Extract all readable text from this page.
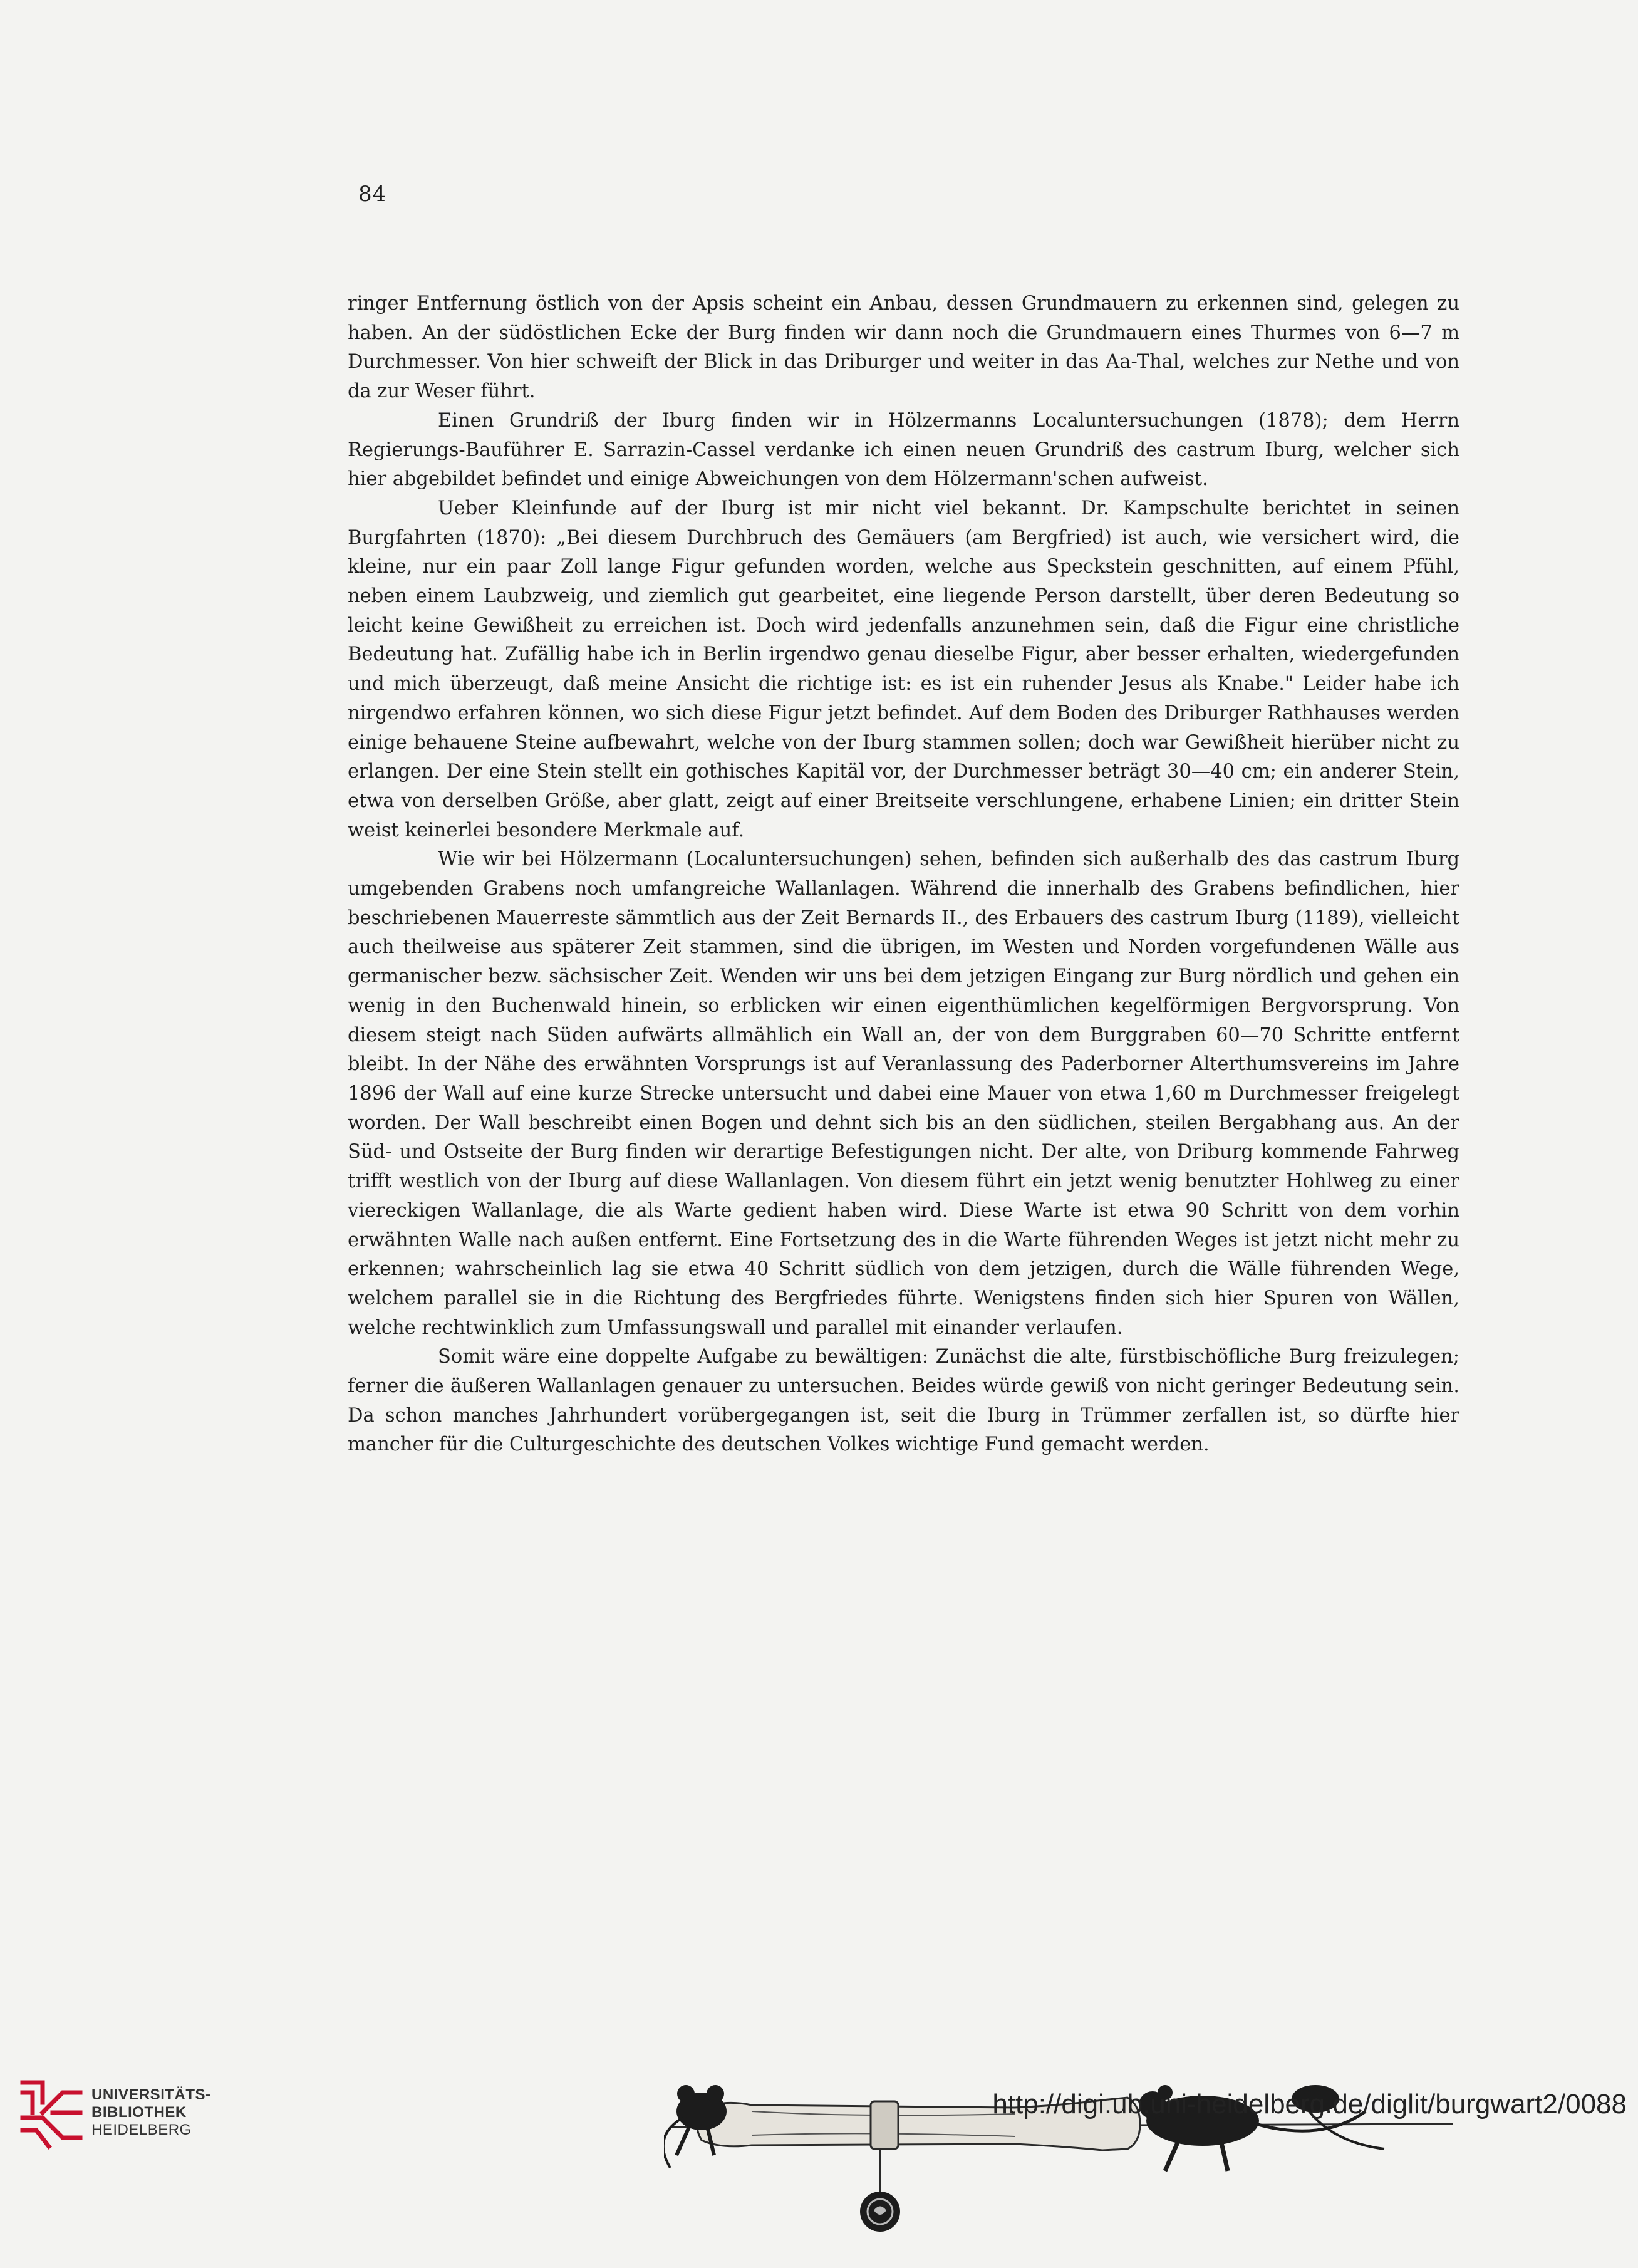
84

ringer Entfernung östlich von der Apsis scheint ein Anbau, dessen Grundmauern zu erkennen sind, gelegen zu haben. An der südöstlichen Ecke der Burg finden wir dann noch die Grundmauern eines Thurmes von 6—7 m Durchmesser. Von hier schweift der Blick in das Driburger und weiter in das Aa-Thal, welches zur Nethe und von da zur Weser führt.

Einen Grundriß der Iburg finden wir in Hölzermanns Localuntersuchungen (1878); dem Herrn Regierungs-Bauführer E. Sarrazin-Cassel verdanke ich einen neuen Grundriß des castrum Iburg, welcher sich hier abgebildet befindet und einige Abweichungen von dem Hölzermann'schen aufweist.

Ueber Kleinfunde auf der Iburg ist mir nicht viel bekannt. Dr. Kampschulte berichtet in seinen Burgfahrten (1870): „Bei diesem Durchbruch des Gemäuers (am Bergfried) ist auch, wie versichert wird, die kleine, nur ein paar Zoll lange Figur gefunden worden, welche aus Speckstein geschnitten, auf einem Pfühl, neben einem Laubzweig, und ziemlich gut gearbeitet, eine liegende Person darstellt, über deren Bedeutung so leicht keine Gewißheit zu erreichen ist. Doch wird jedenfalls anzunehmen sein, daß die Figur eine christliche Bedeutung hat. Zufällig habe ich in Berlin irgendwo genau dieselbe Figur, aber besser erhalten, wiedergefunden und mich überzeugt, daß meine Ansicht die richtige ist: es ist ein ruhender Jesus als Knabe." Leider habe ich nirgendwo erfahren können, wo sich diese Figur jetzt befindet. Auf dem Boden des Driburger Rathhauses werden einige behauene Steine aufbewahrt, welche von der Iburg stammen sollen; doch war Gewißheit hierüber nicht zu erlangen. Der eine Stein stellt ein gothisches Kapitäl vor, der Durchmesser beträgt 30—40 cm; ein anderer Stein, etwa von derselben Größe, aber glatt, zeigt auf einer Breitseite verschlungene, erhabene Linien; ein dritter Stein weist keinerlei besondere Merkmale auf.

Wie wir bei Hölzermann (Localuntersuchungen) sehen, befinden sich außerhalb des das castrum Iburg umgebenden Grabens noch umfangreiche Wallanlagen. Während die innerhalb des Grabens befindlichen, hier beschriebenen Mauerreste sämmtlich aus der Zeit Bernards II., des Erbauers des castrum Iburg (1189), vielleicht auch theilweise aus späterer Zeit stammen, sind die übrigen, im Westen und Norden vorgefundenen Wälle aus germanischer bezw. sächsischer Zeit. Wenden wir uns bei dem jetzigen Eingang zur Burg nördlich und gehen ein wenig in den Buchenwald hinein, so erblicken wir einen eigenthümlichen kegelförmigen Bergvorsprung. Von diesem steigt nach Süden aufwärts allmählich ein Wall an, der von dem Burggraben 60—70 Schritte entfernt bleibt. In der Nähe des erwähnten Vorsprungs ist auf Veranlassung des Paderborner Alterthumsvereins im Jahre 1896 der Wall auf eine kurze Strecke untersucht und dabei eine Mauer von etwa 1,60 m Durchmesser freigelegt worden. Der Wall beschreibt einen Bogen und dehnt sich bis an den südlichen, steilen Bergabhang aus. An der Süd- und Ostseite der Burg finden wir derartige Befestigungen nicht. Der alte, von Driburg kommende Fahrweg trifft westlich von der Iburg auf diese Wallanlagen. Von diesem führt ein jetzt wenig benutzter Hohlweg zu einer viereckigen Wallanlage, die als Warte gedient haben wird. Diese Warte ist etwa 90 Schritt von dem vorhin erwähnten Walle nach außen entfernt. Eine Fortsetzung des in die Warte führenden Weges ist jetzt nicht mehr zu erkennen; wahrscheinlich lag sie etwa 40 Schritt südlich von dem jetzigen, durch die Wälle führenden Wege, welchem parallel sie in die Richtung des Bergfriedes führte. Wenigstens finden sich hier Spuren von Wällen, welche rechtwinklich zum Umfassungswall und parallel mit einander verlaufen.

Somit wäre eine doppelte Aufgabe zu bewältigen: Zunächst die alte, fürstbischöfliche Burg freizulegen; ferner die äußeren Wallanlagen genauer zu untersuchen. Beides würde gewiß von nicht geringer Bedeutung sein. Da schon manches Jahrhundert vorübergegangen ist, seit die Iburg in Trümmer zerfallen ist, so dürfte hier mancher für die Culturgeschichte des deutschen Volkes wichtige Fund gemacht werden.

UNIVERSITÄTS-
BIBLIOTHEK
HEIDELBERG
http://digi.ub.uni-heidelberg.de/diglit/burgwart2/0088
